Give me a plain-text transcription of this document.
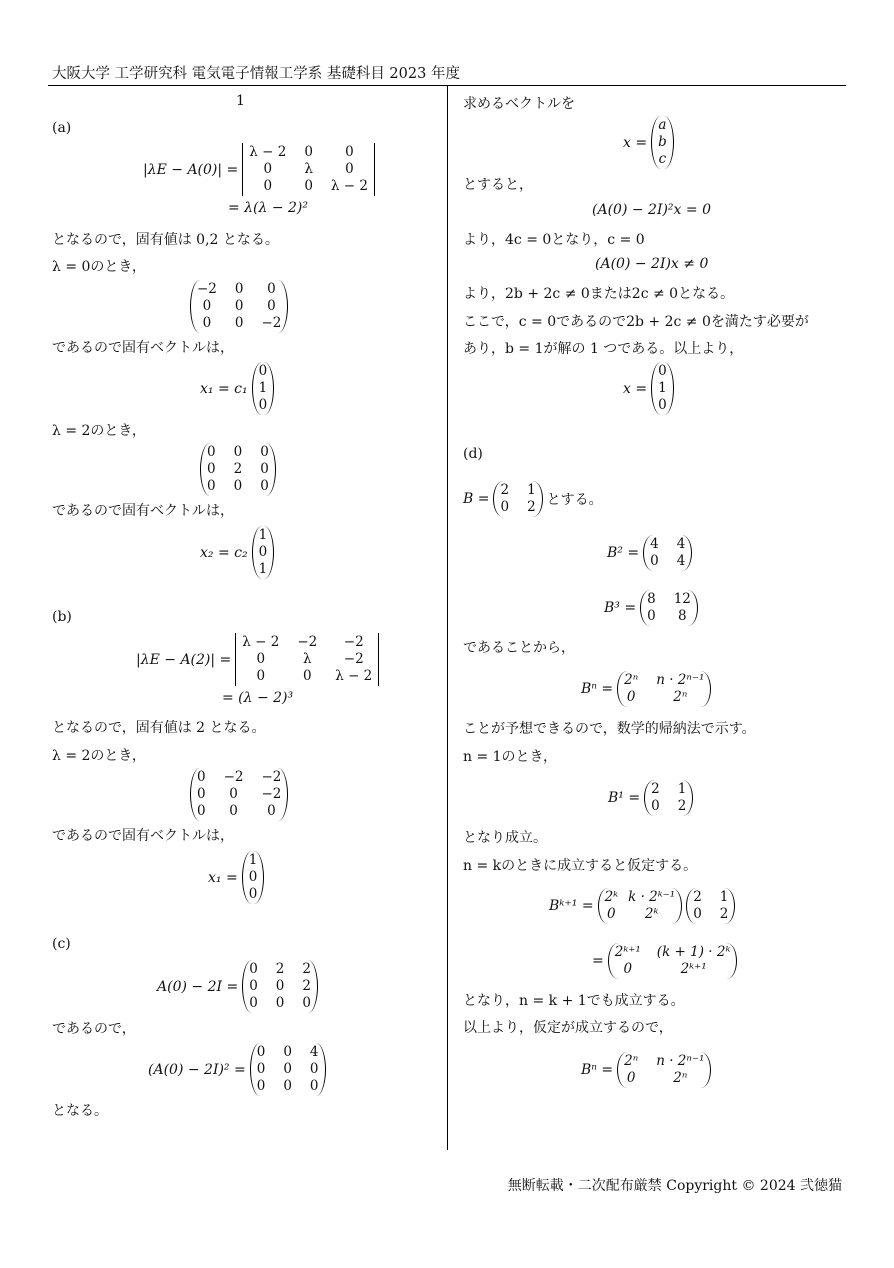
大阪大学 工学研究科 電気電子情報工学系 基礎科目 2023 年度
1
(a)
|λE − A(0)| =
λ − 2 0	0
0	λ	0
0	0 λ − 2
= λ(λ − 2)²
となるので，固有値は 0,2 となる。
λ = 0のとき，
−2 0	0
0	0	0
0	0 −2
であるので固有ベクトルは，
x₁ = c₁
0
1
0
λ = 2のとき，
0 0 0
0 2 0
0 0 0
であるので固有ベクトルは，
x₂ = c₂
1
0
1
(b)
|λE − A(2)| =
λ − 2 −2	−2
0	λ	−2
0	0	λ − 2
= (λ − 2)³
となるので，固有値は 2 となる。
λ = 2のとき，
0 −2 −2
0	0	−2
0	0	0
であるので固有ベクトルは，
x₁ =
1
0
0
(c)
A(0) − 2I =
0 2 2
0 0 2
0 0 0
であるので，
(A(0) − 2I)² =
0 0 4
0 0 0
0 0 0
となる。
求めるベクトルを
x =
a
b
c
とすると，
(A(0) − 2I)²x = 0
より，4c = 0となり，c = 0
(A(0) − 2I)x ≠ 0
より，2b + 2c ≠ 0または2c ≠ 0となる。
ここで，c = 0であるので2b + 2c ≠ 0を満たす必要が
あり，b = 1が解の 1 つである。以上より，
x =
0
1
0
(d)
B =
2 1
0 2 とする。
B² =
4 4
0 4
B³ =
8 12
0	8
であることから，
Bⁿ =
2ⁿ n · 2ⁿ⁻¹
0	2ⁿ
ことが予想できるので，数学的帰納法で示す。
n = 1のとき，
B¹ =
2 1
0 2
となり成立。
n = kのときに成立すると仮定する。
Bᵏ⁺¹ =
2ᵏ k · 2ᵏ⁻¹
0	2ᵏ
2 1
0 2
=
2ᵏ⁺¹ (k + 1) · 2ᵏ
0	2ᵏ⁺¹
となり，n = k + 1でも成立する。
以上より，仮定が成立するので，
Bⁿ =
2ⁿ n · 2ⁿ⁻¹
0	2ⁿ
無断転載・二次配布厳禁 Copyright © 2024 弐徳猫
